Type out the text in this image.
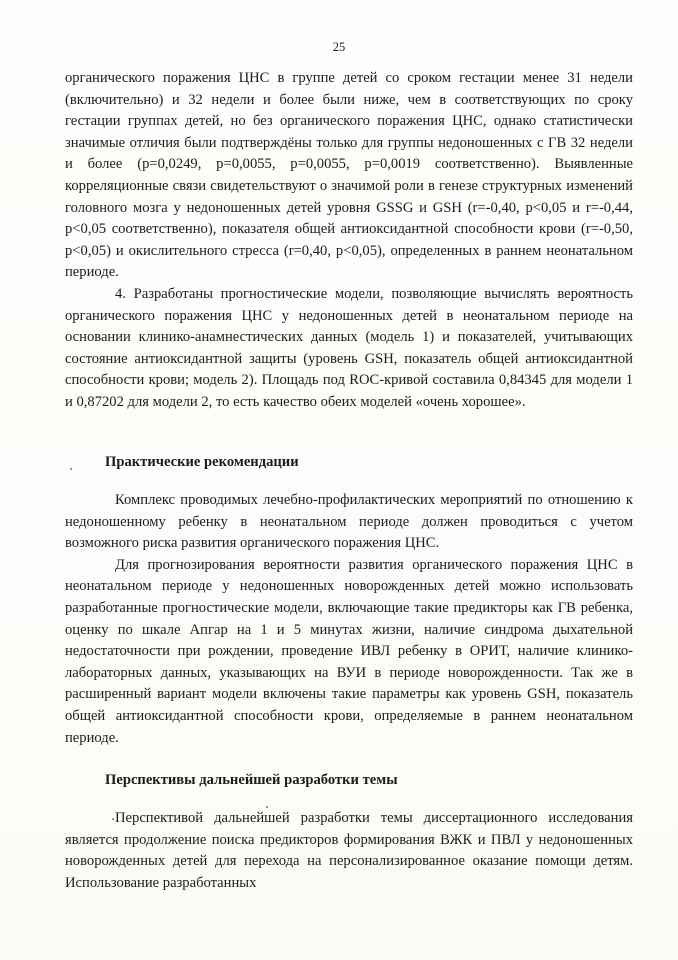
25

органического поражения ЦНС в группе детей со сроком гестации менее 31 недели (включительно) и 32 недели и более были ниже, чем в соответствующих по сроку гестации группах детей, но без органического поражения ЦНС, однако статистически значимые отличия были подтверждёны только для группы недоношенных с ГВ 32 недели и более (p=0,0249, p=0,0055, p=0,0055, p=0,0019 соответственно). Выявленные корреляционные связи свидетельствуют о значимой роли в генезе структурных изменений головного мозга у недоношенных детей уровня GSSG и GSH (r=-0,40, p<0,05 и r=-0,44, p<0,05 соответственно), показателя общей антиоксидантной способности крови (r=-0,50, p<0,05) и окислительного стресса (r=0,40, p<0,05), определенных в раннем неонатальном периоде.

4. Разработаны прогностические модели, позволяющие вычислять вероятность органического поражения ЦНС у недоношенных детей в неонатальном периоде на основании клинико-анамнестических данных (модель 1) и показателей, учитывающих состояние антиоксидантной защиты (уровень GSH, показатель общей антиоксидантной способности крови; модель 2). Площадь под ROC-кривой составила 0,84345 для модели 1 и 0,87202 для модели 2, то есть качество обеих моделей «очень хорошее».

Практические рекомендации

Комплекс проводимых лечебно-профилактических мероприятий по отношению к недоношенному ребенку в неонатальном периоде должен проводиться с учетом возможного риска развития органического поражения ЦНС.

Для прогнозирования вероятности развития органического поражения ЦНС в неонатальном периоде у недоношенных новорожденных детей можно использовать разработанные прогностические модели, включающие такие предикторы как ГВ ребенка, оценку по шкале Апгар на 1 и 5 минутах жизни, наличие синдрома дыхательной недостаточности при рождении, проведение ИВЛ ребенку в ОРИТ, наличие клинико-лабораторных данных, указывающих на ВУИ в периоде новорожденности. Так же в расширенный вариант модели включены такие параметры как уровень GSH, показатель общей антиоксидантной способности крови, определяемые в раннем неонатальном периоде.

Перспективы дальнейшей разработки темы

Перспективой дальнейшей разработки темы диссертационного исследования является продолжение поиска предикторов формирования ВЖК и ПВЛ у недоношенных новорожденных детей для перехода на персонализированное оказание помощи детям. Использование разработанных
